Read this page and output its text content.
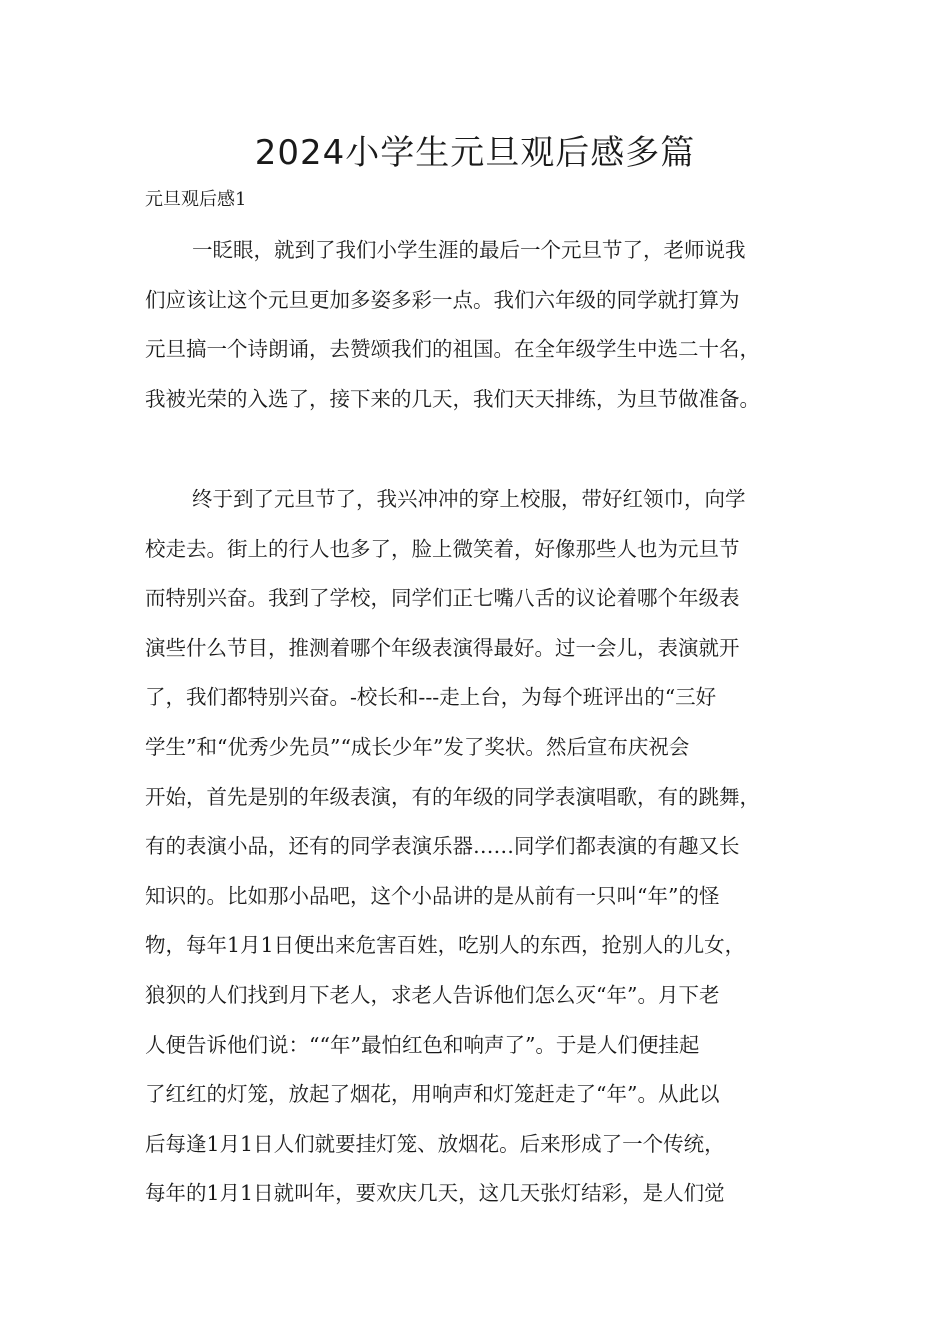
2024小学生元旦观后感多篇
元旦观后感1
一眨眼，就到了我们小学生涯的最后一个元旦节了，老师说我
们应该让这个元旦更加多姿多彩一点。我们六年级的同学就打算为
元旦搞一个诗朗诵，去赞颂我们的祖国。在全年级学生中选二十名，
我被光荣的入选了，接下来的几天，我们天天排练，为旦节做准备。
终于到了元旦节了，我兴冲冲的穿上校服，带好红领巾，向学
校走去。街上的行人也多了，脸上微笑着，好像那些人也为元旦节
而特别兴奋。我到了学校，同学们正七嘴八舌的议论着哪个年级表
演些什么节目，推测着哪个年级表演得最好。过一会儿，表演就开
了，我们都特别兴奋。-校长和---走上台，为每个班评出的“三好
学生”和“优秀少先员”“成长少年”发了奖状。然后宣布庆祝会
开始，首先是别的年级表演，有的年级的同学表演唱歌，有的跳舞，
有的表演小品，还有的同学表演乐器……同学们都表演的有趣又长
知识的。比如那小品吧，这个小品讲的是从前有一只叫“年”的怪
物，每年1月1日便出来危害百姓，吃别人的东西，抢别人的儿女，
狼狈的人们找到月下老人，求老人告诉他们怎么灭“年”。月下老
人便告诉他们说：““年”最怕红色和响声了”。于是人们便挂起
了红红的灯笼，放起了烟花，用响声和灯笼赶走了“年”。从此以
后每逢1月1日人们就要挂灯笼、放烟花。后来形成了一个传统，
每年的1月1日就叫年，要欢庆几天，这几天张灯结彩，是人们觉
